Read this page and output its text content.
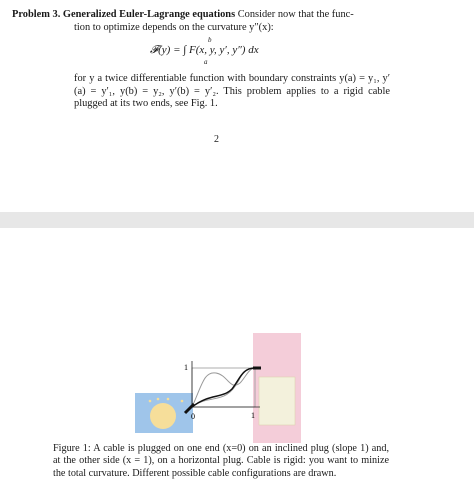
Problem 3. Generalized Euler-Lagrange equations Consider now that the func-
tion to optimize depends on the curvature y″(x):
𝓕(y) = ∫ F(x, y, y′, y″) dx
b
a
for y a twice differentiable function with boundary constraints y(a) = y₁, y′(a) = y′₁, y(b) = y₂, y′(b) = y′₂. This problem applies to a rigid cable plugged at its two ends, see Fig. 1.
2
1
0	1
Figure 1: A cable is plugged on one end (x=0) on an inclined plug (slope 1) and, at the other side (x = 1), on a horizontal plug. Cable is rigid: you want to minize the total curvature. Different possible cable configurations are drawn.
